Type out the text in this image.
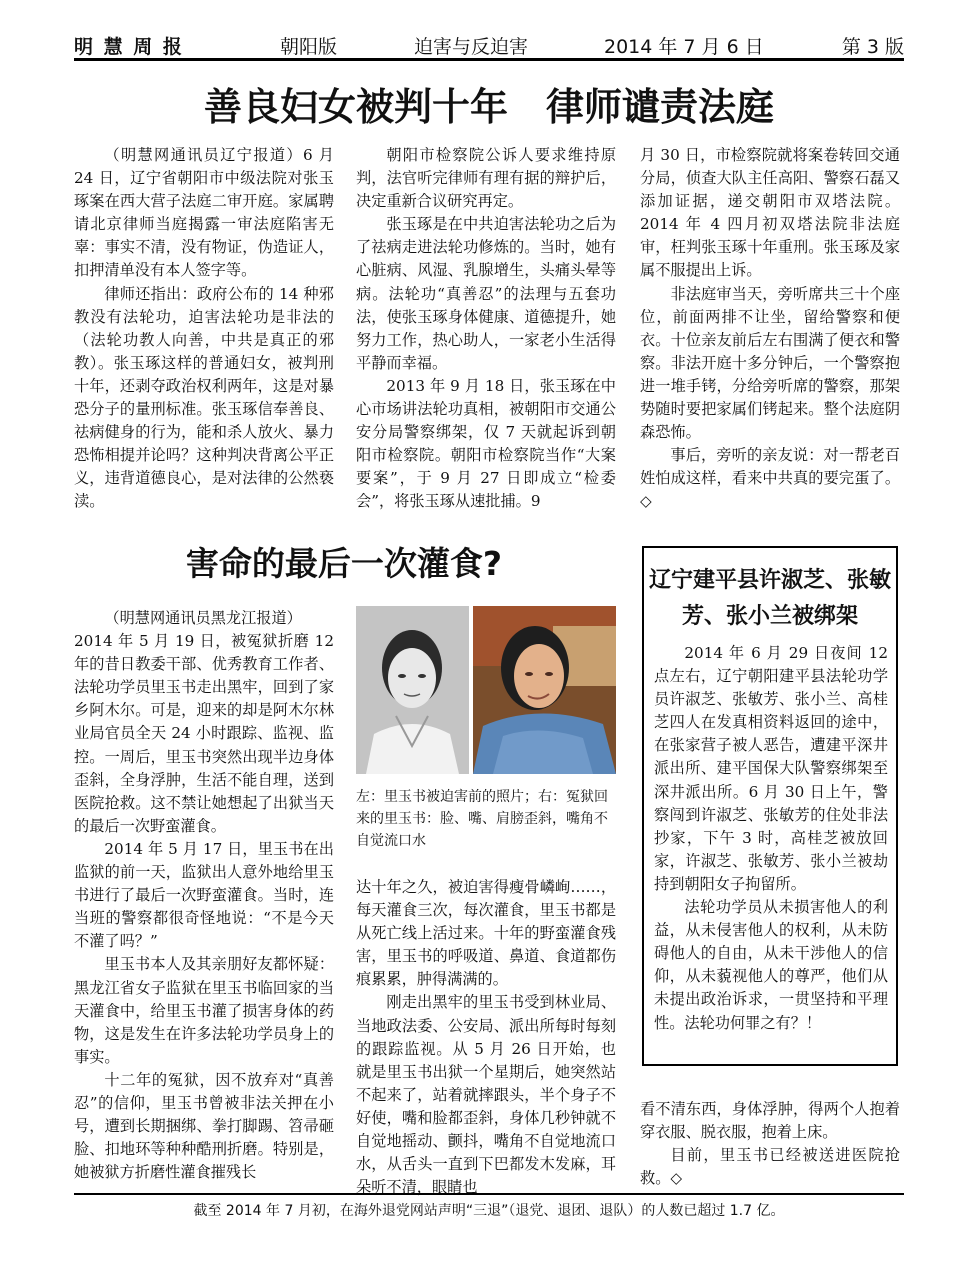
明 慧 周 报	朝阳版	迫害与反迫害	2014 年 7 月 6 日	第 3 版
善良妇女被判十年　律师谴责法庭

（明慧网通讯员辽宁报道）6 月 24 日，辽宁省朝阳市中级法院对张玉琢案在西大营子法庭二审开庭。家属聘请北京律师当庭揭露一审法庭陷害无辜：事实不清，没有物证，伪造证人，扣押清单没有本人签字等。

律师还指出：政府公布的 14 种邪教没有法轮功，迫害法轮功是非法的（法轮功教人向善，中共是真正的邪教）。张玉琢这样的普通妇女，被判刑十年，还剥夺政治权利两年，这是对暴恐分子的量刑标准。张玉琢信奉善良、祛病健身的行为，能和杀人放火、暴力恐怖相提并论吗？这种判决背离公平正义，违背道德良心，是对法律的公然亵渎。

朝阳市检察院公诉人要求维持原判，法官听完律师有理有据的辩护后，决定重新合议研究再定。

张玉琢是在中共迫害法轮功之后为了祛病走进法轮功修炼的。当时，她有心脏病、风湿、乳腺增生，头痛头晕等病。法轮功“真善忍”的法理与五套功法，使张玉琢身体健康、道德提升，她努力工作，热心助人，一家老小生活得平静而幸福。

2013 年 9 月 18 日，张玉琢在中心市场讲法轮功真相，被朝阳市交通公安分局警察绑架，仅 7 天就起诉到朝阳市检察院。朝阳市检察院当作“大案要案”，于 9 月 27 日即成立“检委会”，将张玉琢从速批捕。9

月 30 日，市检察院就将案卷转回交通分局，侦查大队主任高阳、警察石磊又添加证据，递交朝阳市双塔法院。2014 年 4 四月初双塔法院非法庭审，枉判张玉琢十年重刑。张玉琢及家属不服提出上诉。

非法庭审当天，旁听席共三十个座位，前面两排不让坐，留给警察和便衣。十位亲友前后左右围满了便衣和警察。非法开庭十多分钟后，一个警察抱进一堆手铐，分给旁听席的警察，那架势随时要把家属们铐起来。整个法庭阴森恐怖。

事后，旁听的亲友说：对一帮老百姓怕成这样，看来中共真的要完蛋了。◇

害命的最后一次灌食?

（明慧网通讯员黑龙江报道）

2014 年 5 月 19 日，被冤狱折磨 12 年的昔日教委干部、优秀教育工作者、法轮功学员里玉书走出黑牢，回到了家乡阿木尔。可是，迎来的却是阿木尔林业局官员全天 24 小时跟踪、监视、监控。一周后，里玉书突然出现半边身体歪斜，全身浮肿，生活不能自理，送到医院抢救。这不禁让她想起了出狱当天的最后一次野蛮灌食。

2014 年 5 月 17 日，里玉书在出监狱的前一天，监狱出人意外地给里玉书进行了最后一次野蛮灌食。当时，连当班的警察都很奇怪地说：“不是今天不灌了吗？”

里玉书本人及其亲朋好友都怀疑：黑龙江省女子监狱在里玉书临回家的当天灌食中，给里玉书灌了损害身体的药物，这是发生在许多法轮功学员身上的事实。

十二年的冤狱，因不放弃对“真善忍”的信仰，里玉书曾被非法关押在小号，遭到长期捆绑、拳打脚踢、笤帚砸脸、扣地环等种种酷刑折磨。特别是，她被狱方折磨性灌食摧残长

左：里玉书被迫害前的照片；右：冤狱回来的里玉书：脸、嘴、肩膀歪斜，嘴角不自觉流口水

达十年之久，被迫害得瘦骨嶙峋……，每天灌食三次，每次灌食，里玉书都是从死亡线上活过来。十年的野蛮灌食残害，里玉书的呼吸道、鼻道、食道都伤痕累累，肿得满满的。

刚走出黑牢的里玉书受到林业局、当地政法委、公安局、派出所每时每刻的跟踪监视。从 5 月 26 日开始，也就是里玉书出狱一个星期后，她突然站不起来了，站着就摔跟头，半个身子不好使，嘴和脸都歪斜，身体几秒钟就不自觉地摇动、颤抖，嘴角不自觉地流口水，从舌头一直到下巴都发木发麻，耳朵听不清，眼睛也

看不清东西，身体浮肿，得两个人抱着穿衣服、脱衣服，抱着上床。

目前，里玉书已经被送进医院抢救。◇

辽宁建平县许淑芝、张敏芳、张小兰被绑架

2014 年 6 月 29 日夜间 12 点左右，辽宁朝阳建平县法轮功学员许淑芝、张敏芳、张小兰、高桂芝四人在发真相资料返回的途中，在张家营子被人恶告，遭建平深井派出所、建平国保大队警察绑架至深井派出所。6 月 30 日上午，警察闯到许淑芝、张敏芳的住处非法抄家，下午 3 时，高桂芝被放回家，许淑芝、张敏芳、张小兰被劫持到朝阳女子拘留所。

法轮功学员从未损害他人的利益，从未侵害他人的权利，从未防碍他人的自由，从未干涉他人的信仰，从未藐视他人的尊严，他们从未提出政治诉求，一贯坚持和平理性。法轮功何罪之有？！

截至 2014 年 7 月初，在海外退党网站声明“三退”（退党、退团、退队）的人数已超过 1.7 亿。
